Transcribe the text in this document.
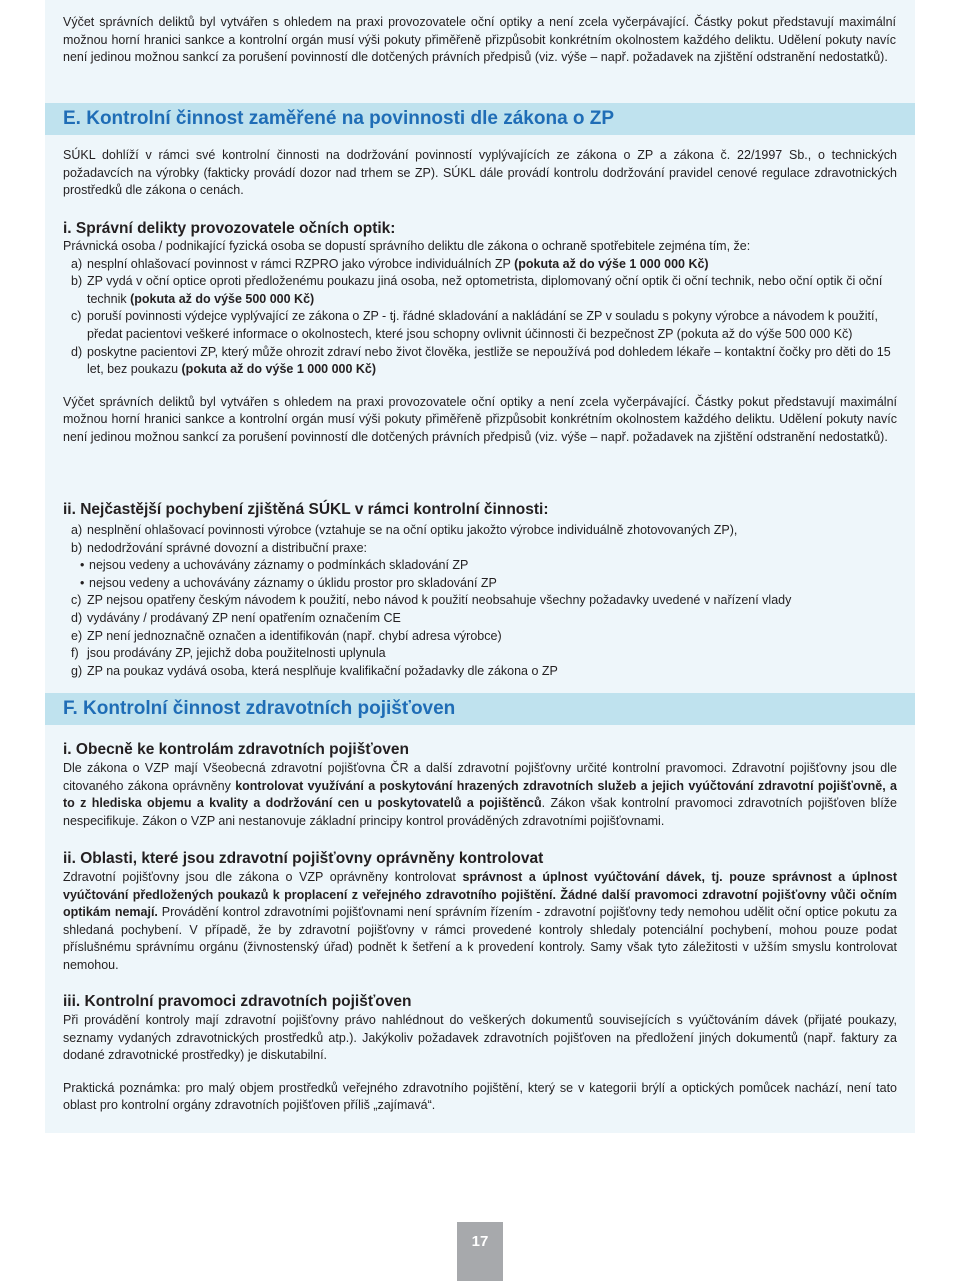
Výčet správních deliktů byl vytvářen s ohledem na praxi provozovatele oční optiky a není zcela vyčerpávající. Částky pokut představují maximální možnou horní hranici sankce a kontrolní orgán musí výši pokuty přiměřeně přizpůsobit konkrétním okolnostem každého deliktu. Udělení pokuty navíc není jedinou možnou sankcí za porušení povinností dle dotčených právních předpisů (viz. výše – např. požadavek na zjištění odstranění nedostatků).

E. Kontrolní činnost zaměřené na povinnosti dle zákona o ZP

SÚKL dohlíží v rámci své kontrolní činnosti na dodržování povinností vyplývajících ze zákona o ZP a zákona č. 22/1997 Sb., o technických požadavcích na výrobky (fakticky provádí dozor nad trhem se ZP). SÚKL dále provádí kontrolu dodržování pravidel cenové regulace zdravotnických prostředků dle zákona o cenách.

i. Správní delikty provozovatele očních optik:

Právnická osoba / podnikající fyzická osoba se dopustí správního deliktu dle zákona o ochraně spotřebitele zejména tím, že:

a) nesplní ohlašovací povinnost v rámci RZPRO jako výrobce individuálních ZP (pokuta až do výše 1 000 000 Kč)
b) ZP vydá v oční optice oproti předloženému poukazu jiná osoba, než optometrista, diplomovaný oční optik či oční technik, nebo oční optik či oční technik (pokuta až do výše 500 000 Kč)
c) poruší povinnosti výdejce vyplývající ze zákona o ZP - tj. řádné skladování a nakládání se ZP v souladu s pokyny výrobce a návodem k použití, předat pacientovi veškeré informace o okolnostech, které jsou schopny ovlivnit účinnosti či bezpečnost ZP (pokuta až do výše 500 000 Kč)
d) poskytne pacientovi ZP, který může ohrozit zdraví nebo život člověka, jestliže se nepoužívá pod dohledem lékaře – kontaktní čočky pro děti do 15 let, bez poukazu (pokuta až do výše 1 000 000 Kč)

Výčet správních deliktů byl vytvářen s ohledem na praxi provozovatele oční optiky a není zcela vyčerpávající. Částky pokut představují maximální možnou horní hranici sankce a kontrolní orgán musí výši pokuty přiměřeně přizpůsobit konkrétním okolnostem každého deliktu. Udělení pokuty navíc není jedinou možnou sankcí za porušení povinností dle dotčených právních předpisů (viz. výše – např. požadavek na zjištění odstranění nedostatků).

ii. Nejčastější pochybení zjištěná SÚKL v rámci kontrolní činnosti:
a) nesplnění ohlašovací povinnosti výrobce (vztahuje se na oční optiku jakožto výrobce individuálně zhotovovaných ZP),
b) nedodržování správné dovozní a distribuční praxe:
• nejsou vedeny a uchovávány záznamy o podmínkách skladování ZP
• nejsou vedeny a uchovávány záznamy o úklidu prostor pro skladování ZP
c) ZP nejsou opatřeny českým návodem k použití, nebo návod k použití neobsahuje všechny požadavky uvedené v nařízení vlady
d) vydávány / prodávaný ZP není opatřením označením CE
e) ZP není jednoznačně označen a identifikován (např. chybí adresa výrobce)
f) jsou prodávány ZP, jejichž doba použitelnosti uplynula
g) ZP na poukaz vydává osoba, která nesplňuje kvalifikační požadavky dle zákona o ZP
F. Kontrolní činnost zdravotních pojišťoven
i. Obecně ke kontrolám zdravotních pojišťoven

Dle zákona o VZP mají Všeobecná zdravotní pojišťovna ČR a další zdravotní pojišťovny určité kontrolní pravomoci. Zdravotní pojišťovny jsou dle citovaného zákona oprávněny kontrolovat využívání a poskytování hrazených zdravotních služeb a jejich vyúčtování zdravotní pojišťovně, a to z hlediska objemu a kvality a dodržování cen u poskytovatelů a pojištěnců. Zákon však kontrolní pravomoci zdravotních pojišťoven blíže nespecifikuje. Zákon o VZP ani nestanovuje základní principy kontrol prováděných zdravotními pojišťovnami.

ii. Oblasti, které jsou zdravotní pojišťovny oprávněny kontrolovat

Zdravotní pojišťovny jsou dle zákona o VZP oprávněny kontrolovat správnost a úplnost vyúčtování dávek, tj. pouze správnost a úplnost vyúčtování předložených poukazů k proplacení z veřejného zdravotního pojištění. Žádné další pravomoci zdravotní pojišťovny vůči očním optikám nemají. Provádění kontrol zdravotními pojišťovnami není správním řízením - zdravotní pojišťovny tedy nemohou udělit oční optice pokutu za shledaná pochybení. V případě, že by zdravotní pojišťovny v rámci provedené kontroly shledaly potenciální pochybení, mohou pouze podat příslušnému správnímu orgánu (živnostenský úřad) podnět k šetření a k provedení kontroly. Samy však tyto záležitosti v užším smyslu kontrolovat nemohou.

iii. Kontrolní pravomoci zdravotních pojišťoven

Při provádění kontroly mají zdravotní pojišťovny právo nahlédnout do veškerých dokumentů souvisejících s vyúčtováním dávek (přijaté poukazy, seznamy vydaných zdravotnických prostředků atp.). Jakýkoliv požadavek zdravotních pojišťoven na předložení jiných dokumentů (např. faktury za dodané zdravotnické prostředky) je diskutabilní.

Praktická poznámka: pro malý objem prostředků veřejného zdravotního pojištění, který se v kategorii brýlí a optických pomůcek nachází, není tato oblast pro kontrolní orgány zdravotních pojišťoven příliš „zajímavá“.

17
